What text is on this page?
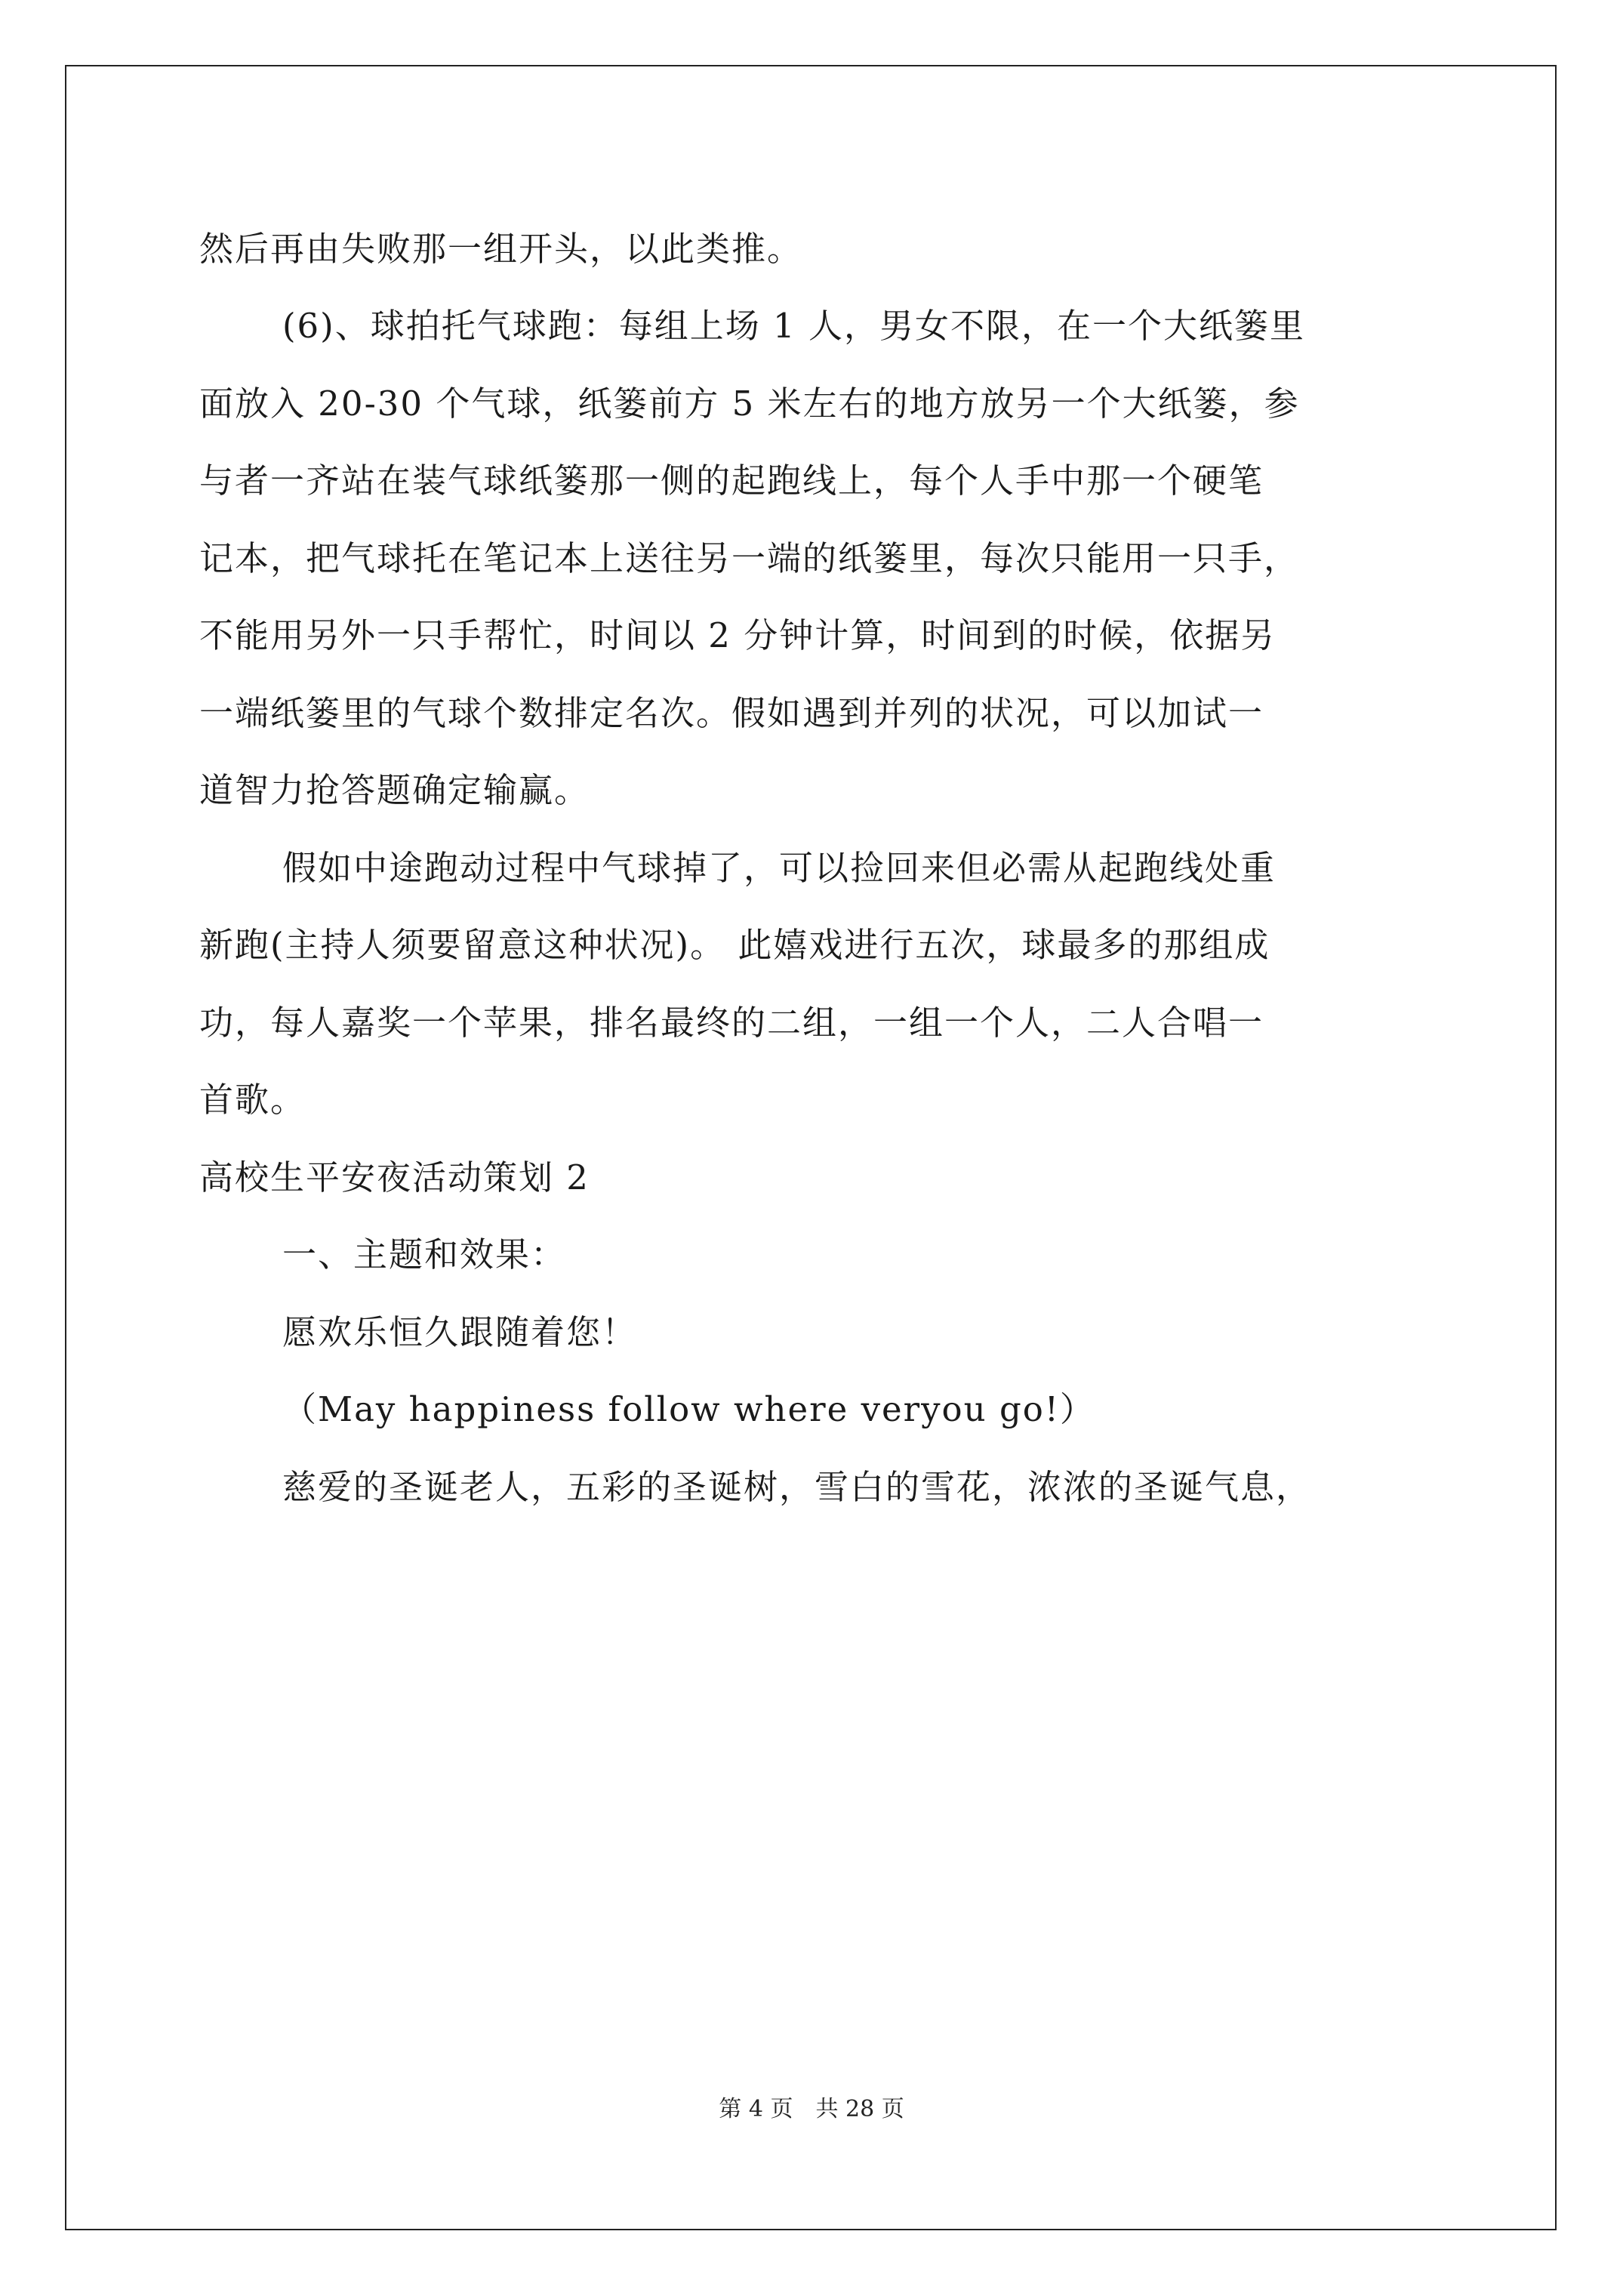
然后再由失败那一组开头，以此类推。
(6)、球拍托气球跑：每组上场 1 人，男女不限，在一个大纸篓里
面放入 20-30 个气球，纸篓前方 5 米左右的地方放另一个大纸篓，参
与者一齐站在装气球纸篓那一侧的起跑线上，每个人手中那一个硬笔
记本，把气球托在笔记本上送往另一端的纸篓里，每次只能用一只手，
不能用另外一只手帮忙，时间以 2 分钟计算，时间到的时候，依据另
一端纸篓里的气球个数排定名次。假如遇到并列的状况，可以加试一
道智力抢答题确定输赢。
假如中途跑动过程中气球掉了，可以捡回来但必需从起跑线处重
新跑(主持人须要留意这种状况)。 此嬉戏进行五次，球最多的那组成
功，每人嘉奖一个苹果，排名最终的二组，一组一个人，二人合唱一
首歌。
高校生平安夜活动策划 2
一、主题和效果：
愿欢乐恒久跟随着您！
（May happiness follow where veryou go!）
慈爱的圣诞老人，五彩的圣诞树，雪白的雪花，浓浓的圣诞气息，
第 4 页　共 28 页
